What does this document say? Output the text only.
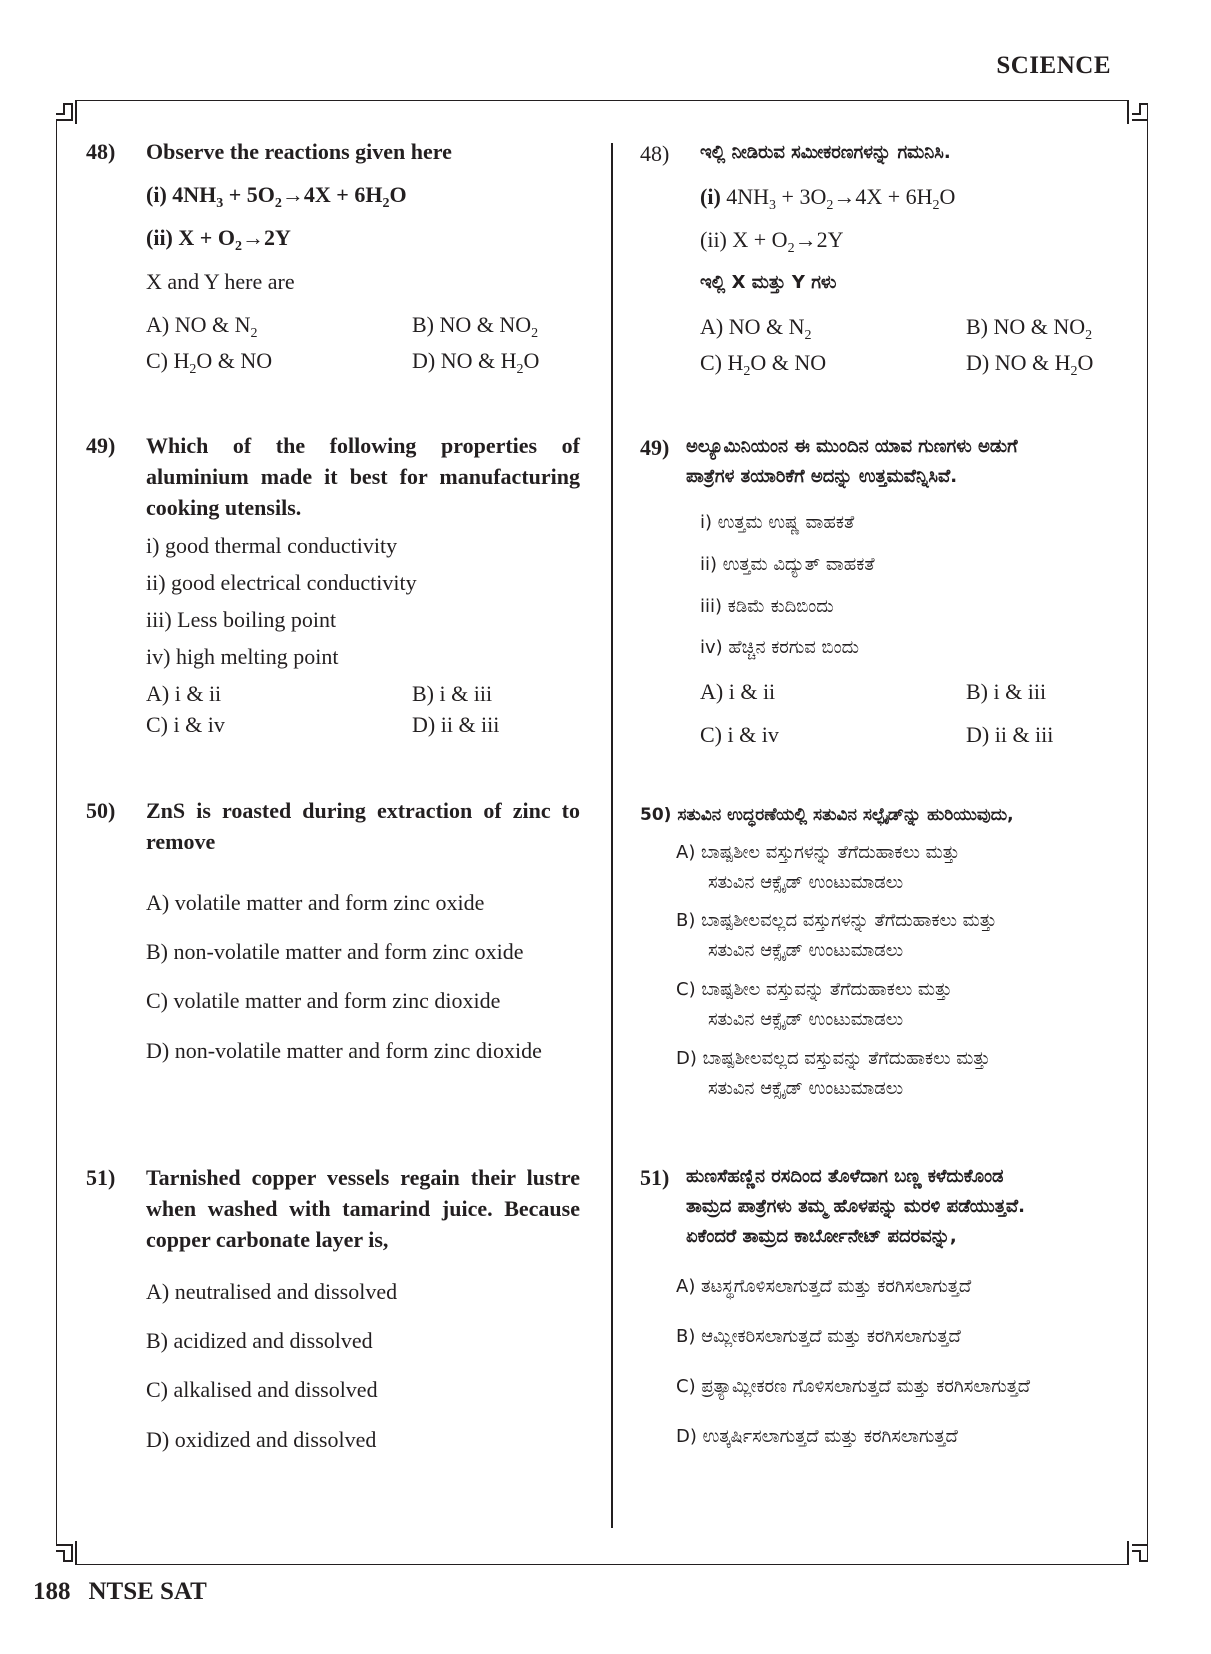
SCIENCE
48) Observe the reactions given here
(i) $4NH_3 + 5O_2\to 4X + 6H_2O$
(ii) $X + O_2\to 2Y$
X and Y here are
A) NO & $N_2$	B) NO & $NO_2$
C) $H_2O$ & NO	D) NO & $H_2O$
49) Which of the following properties of aluminium made it best for manufacturing cooking utensils.
i) good thermal conductivity
ii) good electrical conductivity
iii) Less boiling point
iv) high melting point
A) i & ii	B) i & iii
C) i & iv	D) ii & iii
50) ZnS is roasted during extraction of zinc to remove
A) volatile matter and form zinc oxide
B) non-volatile matter and form zinc oxide
C) volatile matter and form zinc dioxide
D) non-volatile matter and form zinc dioxide
51) Tarnished copper vessels regain their lustre when washed with tamarind juice. Because copper carbonate layer is,
A) neutralised and dissolved
B) acidized and dissolved
C) alkalised and dissolved
D) oxidized and dissolved
48) ಇಲ್ಲಿ ನೀಡಿರುವ ಸಮೀಕರಣಗಳನ್ನು ಗಮನಿಸಿ.
(i) $4NH_3 + 3O_2\to 4X + 6H_2O$
(ii) $X + O_2\to 2Y$
ಇಲ್ಲಿ X ಮತ್ತು Y ಗಳು
A) NO & $N_2$	B) NO & $NO_2$
C) $H_2O$ & NO	D) NO & $H_2O$
49) ಅಲ್ಯೂಮಿನಿಯಂನ ಈ ಮುಂದಿನ ಯಾವ ಗುಣಗಳು ಅಡುಗೆ
ಪಾತ್ರೆಗಳ ತಯಾರಿಕೆಗೆ ಅದನ್ನು ಉತ್ತಮವೆನ್ನಿಸಿವೆ.
i) ಉತ್ತಮ ಉಷ್ಣ ವಾಹಕತೆ
ii) ಉತ್ತಮ ವಿದ್ಯುತ್ ವಾಹಕತೆ
iii) ಕಡಿಮೆ ಕುದಿಬಿಂದು
iv) ಹೆಚ್ಚಿನ ಕರಗುವ ಬಿಂದು
A) i & ii	B) i & iii
C) i & iv	D) ii & iii
50) ಸತುವಿನ ಉದ್ಧರಣೆಯಲ್ಲಿ ಸತುವಿನ ಸಲ್ಫೈಡ್‌ನ್ನು ಹುರಿಯುವುದು,
A) ಬಾಷ್ಪಶೀಲ ವಸ್ತುಗಳನ್ನು ತೆಗೆದುಹಾಕಲು ಮತ್ತು
ಸತುವಿನ ಆಕ್ಸೈಡ್ ಉಂಟುಮಾಡಲು
B) ಬಾಷ್ಪಶೀಲವಲ್ಲದ ವಸ್ತುಗಳನ್ನು ತೆಗೆದುಹಾಕಲು ಮತ್ತು
ಸತುವಿನ ಆಕ್ಸೈಡ್ ಉಂಟುಮಾಡಲು
C) ಬಾಷ್ಪಶೀಲ ವಸ್ತುವನ್ನು ತೆಗೆದುಹಾಕಲು ಮತ್ತು
ಸತುವಿನ ಆಕ್ಸೈಡ್ ಉಂಟುಮಾಡಲು
D) ಬಾಷ್ಪಶೀಲವಲ್ಲದ ವಸ್ತುವನ್ನು ತೆಗೆದುಹಾಕಲು ಮತ್ತು
ಸತುವಿನ ಆಕ್ಸೈಡ್ ಉಂಟುಮಾಡಲು
51) ಹುಣಸೆಹಣ್ಣಿನ ರಸದಿಂದ ತೊಳೆದಾಗ ಬಣ್ಣ ಕಳೆದುಕೊಂಡ
ತಾಮ್ರದ ಪಾತ್ರೆಗಳು ತಮ್ಮ ಹೊಳಪನ್ನು ಮರಳಿ ಪಡೆಯುತ್ತವೆ.
ಏಕೆಂದರೆ ತಾಮ್ರದ ಕಾರ್ಬೋನೇಟ್ ಪದರವನ್ನು,
A) ತಟಸ್ಥಗೊಳಿಸಲಾಗುತ್ತದೆ ಮತ್ತು ಕರಗಿಸಲಾಗುತ್ತದೆ
B) ಆಮ್ಲೀಕರಿಸಲಾಗುತ್ತದೆ ಮತ್ತು ಕರಗಿಸಲಾಗುತ್ತದೆ
C) ಪ್ರತ್ಯಾಮ್ಲೀಕರಣ ಗೊಳಿಸಲಾಗುತ್ತದೆ ಮತ್ತು ಕರಗಿಸಲಾಗುತ್ತದೆ
D) ಉತ್ಕರ್ಷಿಸಲಾಗುತ್ತದೆ ಮತ್ತು ಕರಗಿಸಲಾಗುತ್ತದೆ
188 NTSE SAT
